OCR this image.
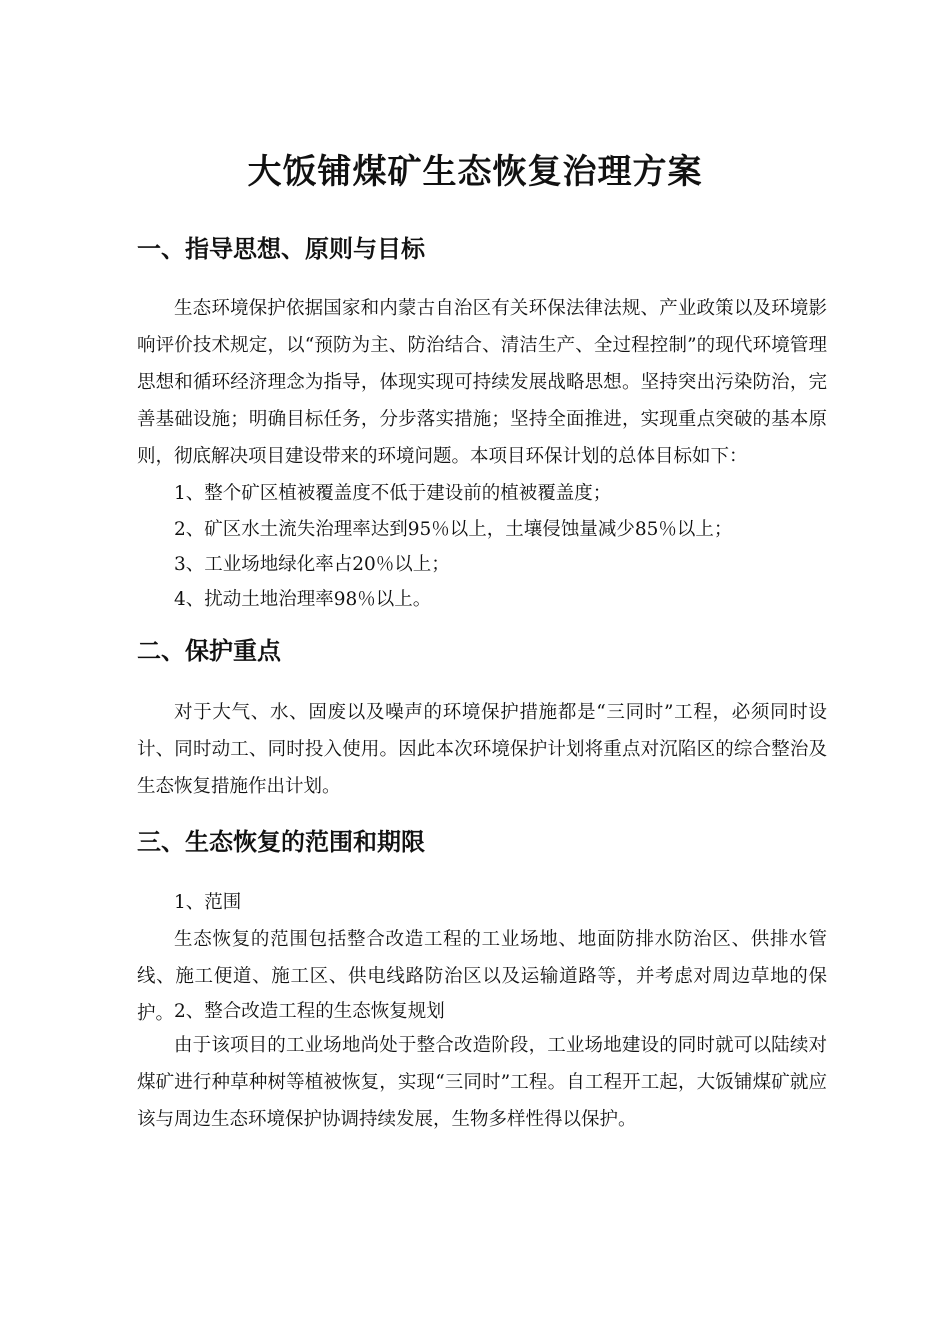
大饭铺煤矿生态恢复治理方案
一、指导思想、原则与目标

生态环境保护依据国家和内蒙古自治区有关环保法律法规、产业政策以及环境影响评价技术规定，以“预防为主、防治结合、清洁生产、全过程控制”的现代环境管理思想和循环经济理念为指导，体现实现可持续发展战略思想。坚持突出污染防治，完善基础设施；明确目标任务，分步落实措施；坚持全面推进，实现重点突破的基本原则，彻底解决项目建设带来的环境问题。本项目环保计划的总体目标如下：

1、整个矿区植被覆盖度不低于建设前的植被覆盖度；

2、矿区水土流失治理率达到95％以上，土壤侵蚀量减少85％以上；

3、工业场地绿化率占20％以上；

4、扰动土地治理率98％以上。

二、保护重点

对于大气、水、固废以及噪声的环境保护措施都是“三同时”工程，必须同时设计、同时动工、同时投入使用。因此本次环境保护计划将重点对沉陷区的综合整治及生态恢复措施作出计划。

三、生态恢复的范围和期限

1、范围

生态恢复的范围包括整合改造工程的工业场地、地面防排水防治区、供排水管线、施工便道、施工区、供电线路防治区以及运输道路等，并考虑对周边草地的保护。 2、整合改造工程的生态恢复规划

由于该项目的工业场地尚处于整合改造阶段，工业场地建设的同时就可以陆续对煤矿进行种草种树等植被恢复，实现“三同时”工程。自工程开工起，大饭铺煤矿就应该与周边生态环境保护协调持续发展，生物多样性得以保护。
